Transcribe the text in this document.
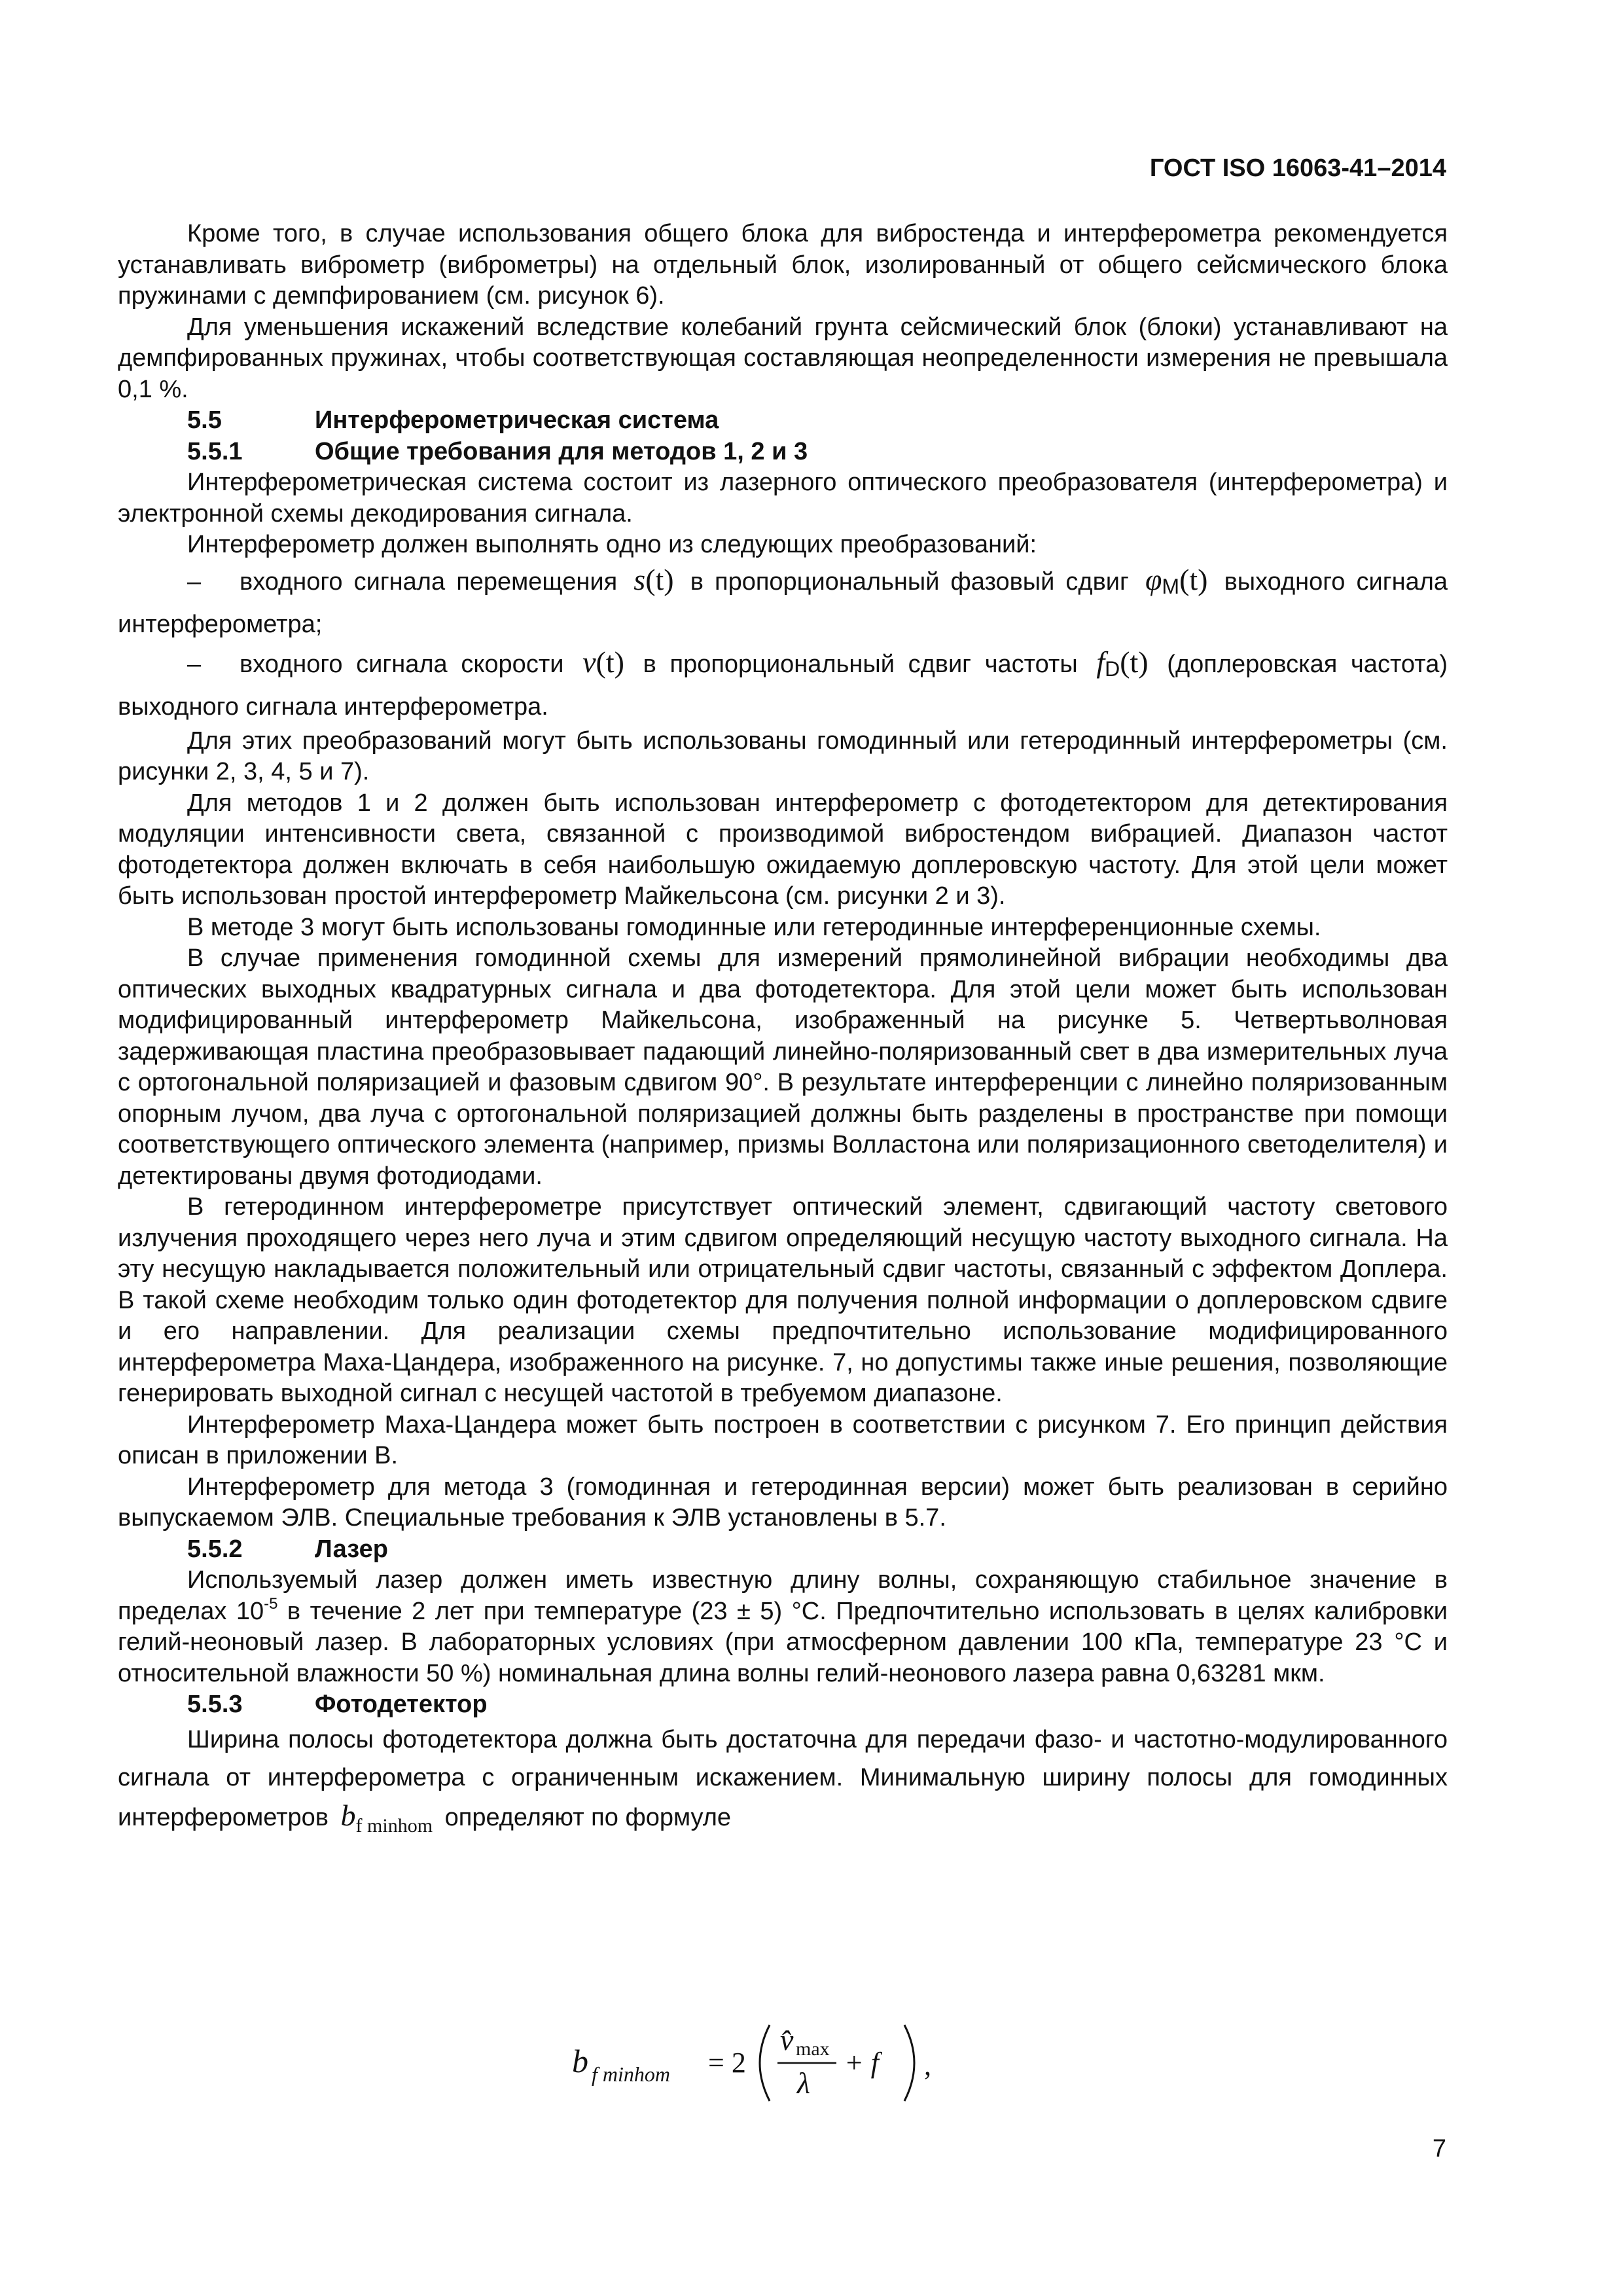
ГОСТ ISO 16063-41–2014

Кроме того, в случае использования общего блока для вибростенда и интерферометра рекомендуется устанавливать виброметр (виброметры) на отдельный блок, изолированный от общего сейсмического блока пружинами с демпфированием (см. рисунок 6).

Для уменьшения искажений вследствие колебаний грунта сейсмический блок (блоки) устанавливают на демпфированных пружинах, чтобы соответствующая составляющая неопределенности измерения не превышала 0,1 %.

5.5	Интерферометрическая система
5.5.1	Общие требования для методов 1, 2 и 3

Интерферометрическая система состоит из лазерного оптического преобразователя (интерферометра) и электронной схемы декодирования сигнала.

Интерферометр должен выполнять одно из следующих преобразований:

– входного сигнала перемещения s(t) в пропорциональный фазовый сдвиг φM(t) выходного сигнала интерферометра;
– входного сигнала скорости v(t) в пропорциональный сдвиг частоты fD(t) (доплеровская частота) выходного сигнала интерферометра.

Для этих преобразований могут быть использованы гомодинный или гетеродинный интерферометры (см. рисунки 2, 3, 4, 5 и 7).

Для методов 1 и 2 должен быть использован интерферометр с фотодетектором для детектирования модуляции интенсивности света, связанной с производимой вибростендом вибрацией. Диапазон частот фотодетектора должен включать в себя наибольшую ожидаемую доплеровскую частоту. Для этой цели может быть использован простой интерферометр Майкельсона (см. рисунки 2 и 3).

В методе 3 могут быть использованы гомодинные или гетеродинные интерференционные схемы.

В случае применения гомодинной схемы для измерений прямолинейной вибрации необходимы два оптических выходных квадратурных сигнала и два фотодетектора. Для этой цели может быть использован модифицированный интерферометр Майкельсона, изображенный на рисунке 5. Четвертьволновая задерживающая пластина преобразовывает падающий линейно-поляризованный свет в два измерительных луча с ортогональной поляризацией и фазовым сдвигом 90°. В результате интерференции с линейно поляризованным опорным лучом, два луча с ортогональной поляризацией должны быть разделены в пространстве при помощи соответствующего оптического элемента (например, призмы Волластона или поляризационного светоделителя) и детектированы двумя фотодиодами.

В гетеродинном интерферометре присутствует оптический элемент, сдвигающий частоту светового излучения проходящего через него луча и этим сдвигом определяющий несущую частоту выходного сигнала. На эту несущую накладывается положительный или отрицательный сдвиг частоты, связанный с эффектом Доплера. В такой схеме необходим только один фотодетектор для получения полной информации о доплеровском сдвиге и его направлении. Для реализации схемы предпочтительно использование модифицированного интерферометра Маха-Цандера, изображенного на рисунке. 7, но допустимы также иные решения, позволяющие генерировать выходной сигнал с несущей частотой в требуемом диапазоне.

Интерферометр Маха-Цандера может быть построен в соответствии с рисунком 7. Его принцип действия описан в приложении В.

Интерферометр для метода 3 (гомодинная и гетеродинная версии) может быть реализован в серийно выпускаемом ЭЛВ. Специальные требования к ЭЛВ установлены в 5.7.

5.5.2	Лазер

Используемый лазер должен иметь известную длину волны, сохраняющую стабильное значение в пределах $10^{-5}$ в течение 2 лет при температуре (23 ± 5) °C. Предпочтительно использовать в целях калибровки гелий-неоновый лазер. В лабораторных условиях (при атмосферном давлении 100 кПа, температуре 23 °C и относительной влажности 50 %) номинальная длина волны гелий-неонового лазера равна 0,63281 мкм.

5.5.3	Фотодетектор

Ширина полосы фотодетектора должна быть достаточна для передачи фазо- и частотно-модулированного сигнала от интерферометра с ограниченным искажением. Минимальную ширину полосы для гомодинных интерферометров $b_{f minhom}$ определяют по формуле

b f minhom = 2
v̂ max
λ
+ f ,
7
